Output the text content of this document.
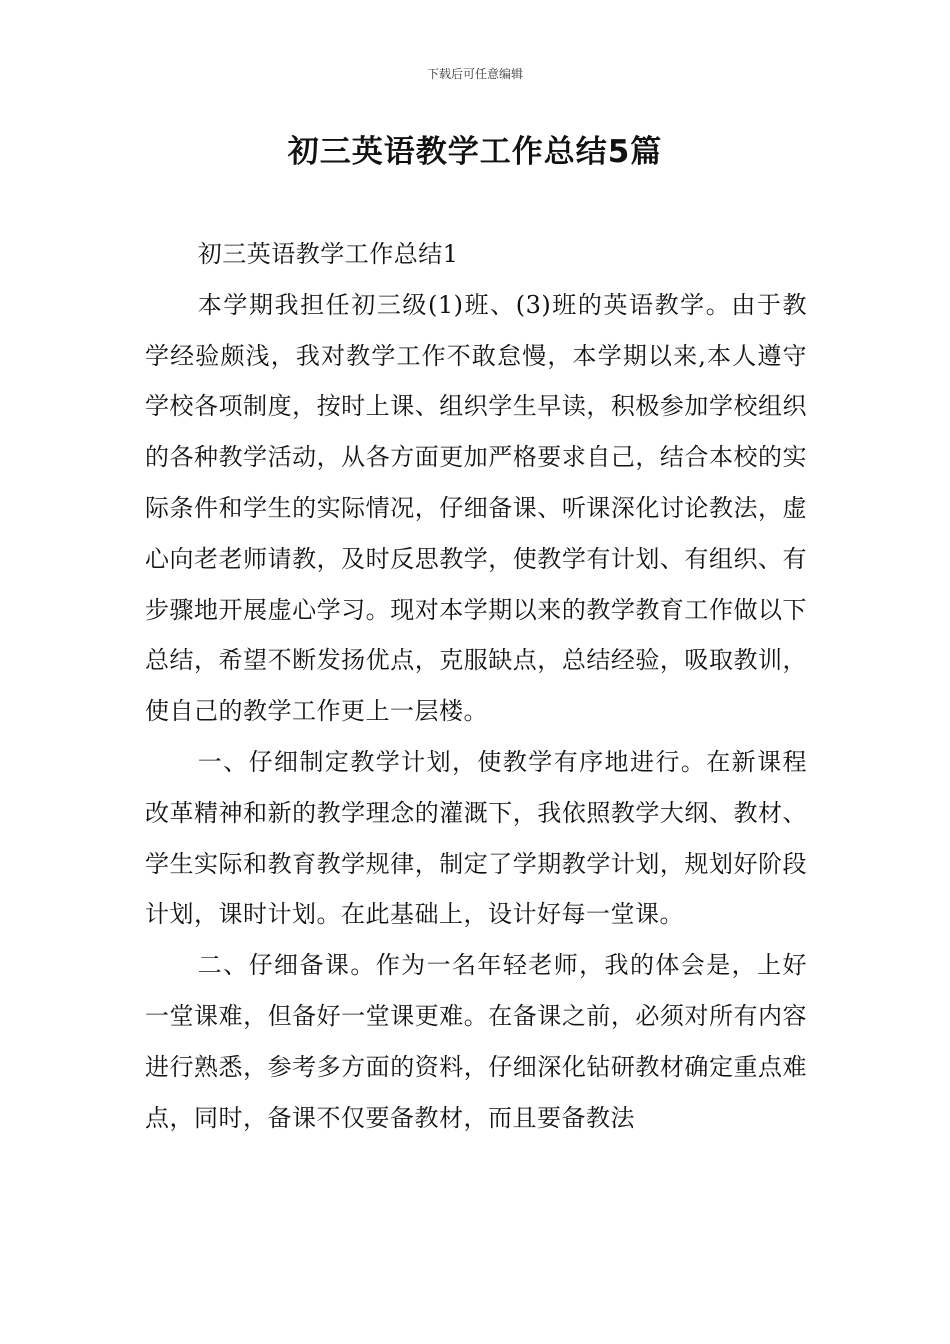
下载后可任意编辑
初三英语教学工作总结5篇

初三英语教学工作总结1

本学期我担任初三级(1)班、(3)班的英语教学。由于教学经验颇浅，我对教学工作不敢怠慢，本学期以来,本人遵守学校各项制度，按时上课、组织学生早读，积极参加学校组织的各种教学活动，从各方面更加严格要求自己，结合本校的实际条件和学生的实际情况，仔细备课、听课深化讨论教法，虚心向老老师请教，及时反思教学，使教学有计划、有组织、有步骤地开展虚心学习。现对本学期以来的教学教育工作做以下总结，希望不断发扬优点，克服缺点，总结经验，吸取教训，使自己的教学工作更上一层楼。

一、仔细制定教学计划，使教学有序地进行。在新课程改革精神和新的教学理念的灌溉下，我依照教学大纲、教材、学生实际和教育教学规律，制定了学期教学计划，规划好阶段计划，课时计划。在此基础上，设计好每一堂课。

二、仔细备课。作为一名年轻老师，我的体会是，上好一堂课难，但备好一堂课更难。在备课之前，必须对所有内容进行熟悉，参考多方面的资料，仔细深化钻研教材确定重点难点，同时，备课不仅要备教材，而且要备教法
